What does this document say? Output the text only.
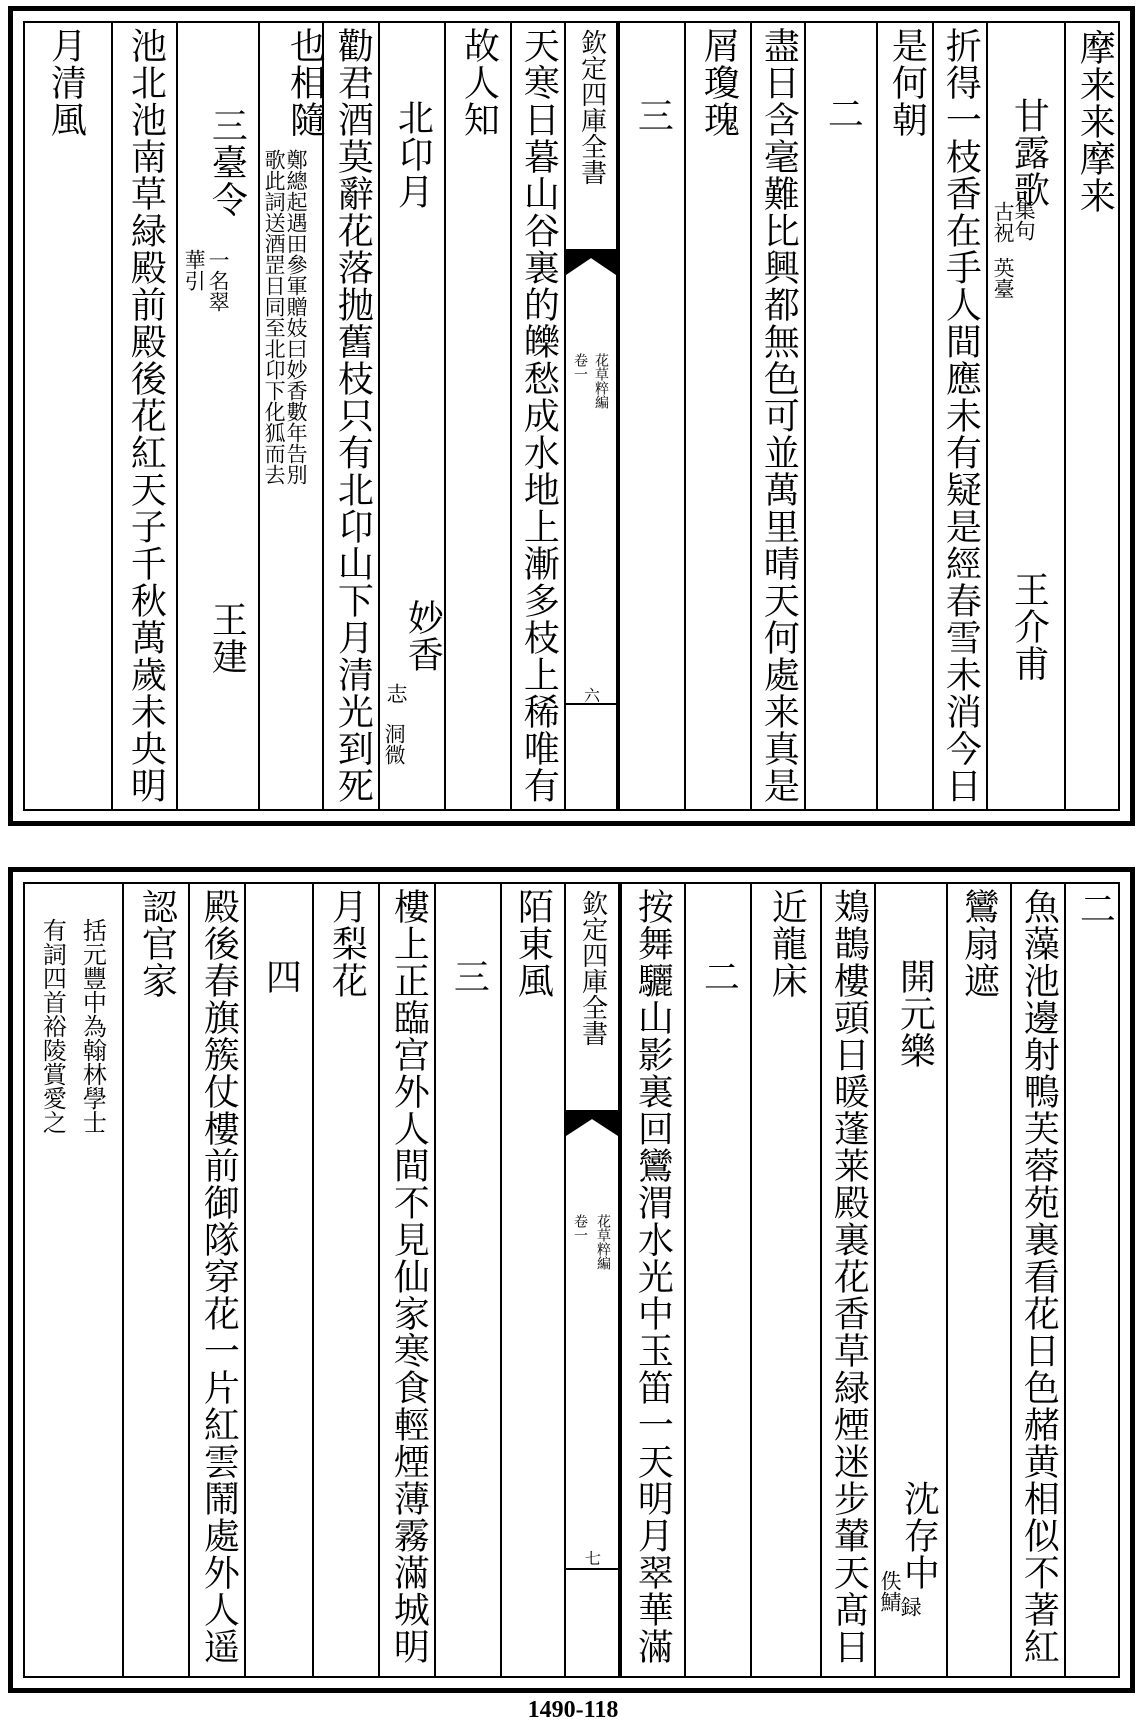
摩来来摩来
甘露歌
古祝
英臺
集句
王介甫
折得一枝香在手人間應未有疑是經春雪未消今日
是何朝
二
盡日含毫難比興都無色可並萬里晴天何處来真是
屑瓊瑰
三
欽定四庫全書
花草粹編
卷一
六
天寒日暮山谷裏的皪愁成水地上漸多枝上稀唯有
故人知
北卬月
妙香
志
洞微
勸君酒莫辭花落抛舊枝只有北卬山下月清光到死
也相隨
鄭總起遇田參軍贈妓曰妙香數年告別
歌此詞送酒罡日同至北卬下化狐而去
三臺令
一名翠
華引
王建
池北池南草緑殿前殿後花紅天子千秋萬歲未央明
月清風
二
魚藻池邊射鴨芙蓉苑裏看花日色赭黄相似不著紅
鸞扇遮
開元樂
沈存中
佚鯖
録
鳷鵲樓頭日暖蓬莱殿裏花香草緑煙迷步輦天髙日
近龍床
二
按舞驪山影裏回鸞渭水光中玉笛一天明月翠華滿
欽定四庫全書
花草粹編
卷一
七
陌東風
三
樓上正臨宫外人間不見仙家寒食輕煙薄霧滿城明
月梨花
四
殿後春旗簇仗樓前御隊穿花一片紅雲鬧處外人遥
認官家
括元豐中為翰林學士
有詞四首裕陵賞愛之
1490-118
